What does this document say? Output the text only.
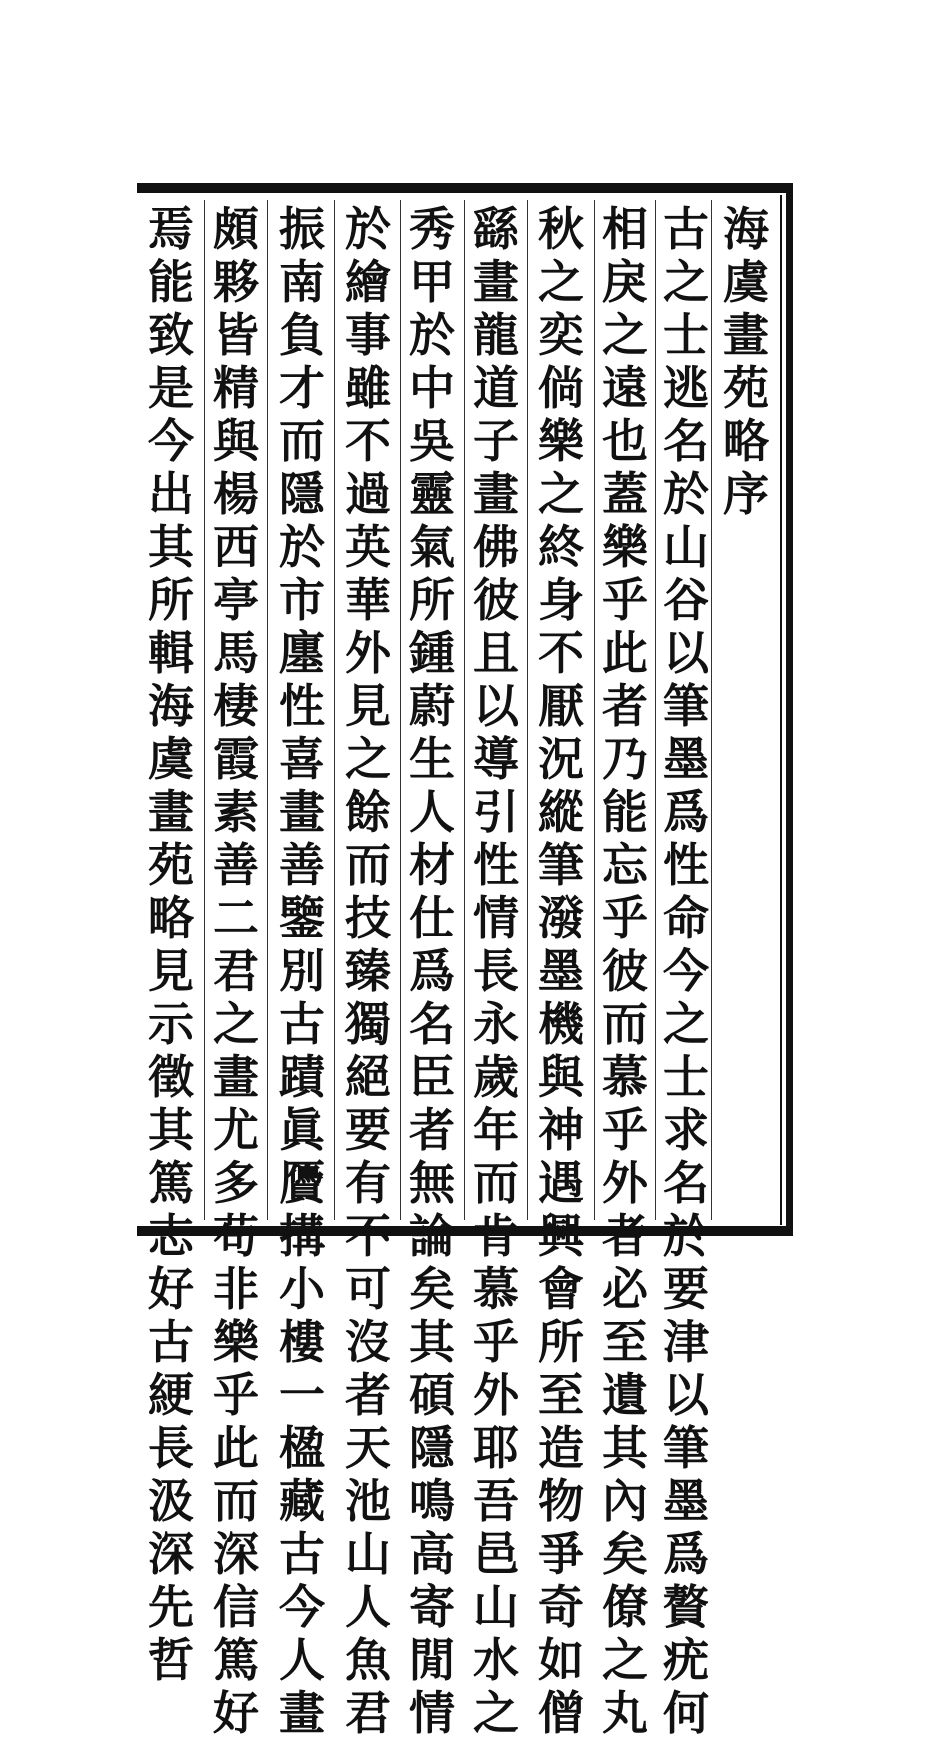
海
虞
畫
苑
略
序
古
之
士
逃
名
於
山
谷
以
筆
墨
爲
性
命
今
之
士
求
名
於
要
津
以
筆
墨
爲
贅
疣
何
相
戾
之
遠
也
蓋
樂
乎
此
者
乃
能
忘
乎
彼
而
慕
乎
外
者
必
至
遺
其
內
矣
僚
之
丸
秋
之
奕
倘
樂
之
終
身
不
厭
況
縱
筆
潑
墨
機
與
神
遇
興
會
所
至
造
物
爭
奇
如
僧
繇
畫
龍
道
子
畫
佛
彼
且
以
導
引
性
情
長
永
歲
年
而
肯
慕
乎
外
耶
吾
邑
山
水
之
秀
甲
於
中
吳
靈
氣
所
鍾
蔚
生
人
材
仕
爲
名
臣
者
無
論
矣
其
碩
隱
鳴
高
寄
閒
情
於
繪
事
雖
不
過
英
華
外
見
之
餘
而
技
臻
獨
絕
要
有
不
可
沒
者
天
池
山
人
魚
君
振
南
負
才
而
隱
於
市
廛
性
喜
畫
善
鑒
別
古
蹟
眞
贗
搆
小
樓
一
楹
藏
古
今
人
畫
頗
夥
皆
精
與
楊
西
亭
馬
棲
霞
素
善
二
君
之
畫
尤
多
苟
非
樂
乎
此
而
深
信
篤
好
焉
能
致
是
今
出
其
所
輯
海
虞
畫
苑
略
見
示
徵
其
篤
志
好
古
綆
長
汲
深
先
哲
